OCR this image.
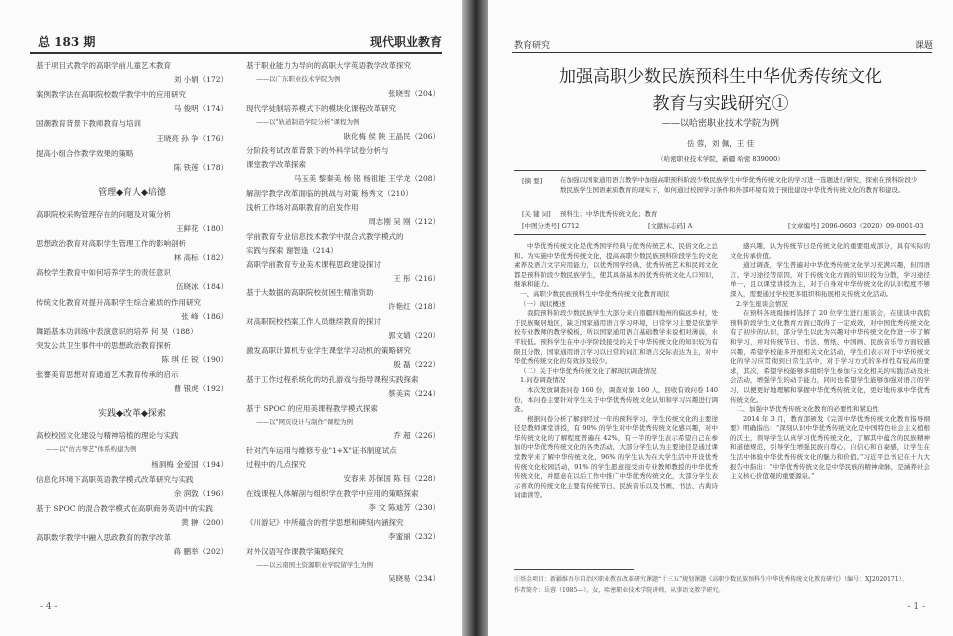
总 183 期	现代职业教育
基于项目式教学的高职学前儿童艺术教育
刘 小娟（172）
案例教学法在高职院校数学教学中的应用研究
马 俊明（174）
国潮教育背景下教师教育与培训
王晓亮 孙 争（176）
提高小组合作教学效果的策略
陈 铁莲（178）
管理◆育人◆培德
高职院校采购管理存在的问题及对策分析
王鲜花（180）
思想政治教育对高职学生管理工作的影响剖析
林 高标（182）
高校学生教育中如何培养学生的责任意识
伍晓冰（184）
传统文化教育对提升高职学生综合素质的作用研究
张 峰（186）
舞蹈基本功训练中表演意识的培养 何 昊（188）
突发公共卫生事件中的思想政治教育探析
陈 琪 任 锐（190）
张謇美育思想对育通道艺术教育传承的启示
曹 银虎（192）
实践◆改革◆探索
高校校园文化建设与精神培植的理论与实践
——以"仿古琴艺"体系构建为例
杨洞梅 金爱国（194）
信息化环境下高职英语教学模式改革研究与实践
余 润敦（196）
基于 SPOC 的混合教学模式在高职商务英语中的实践
黄 翀（200）
高职数学教学中融入思政教育的教学改革
蒋 鹏举（202）
基于职业能力为导向的高职大学英语教学改革探究
——以广东职业技术学院为例
张晓雪（204）
现代学徒制培养模式下的模块化课程改革研究
——以"轨道制造学院分析"课程为例
耿化梅 侯 陕 王晶民（206）
分阶段考试改革背景下的外科学试卷分析与
课堂教学改革探索
马玉美 黎秦美 杨 铭 杨祖能 王学龙（208）
解剖学教学改革面临的挑战与对策 杨秀文（210）
浅析工作场对高职教育的启发作用
周志刚 吴 刚（212）
学前教育专业信息技术教学中混合式教学模式的
实践与探索 谢智逢（214）
高职学前教育专业美术课程思政建设探讨
王 彤（216）
基于大数据的高职院校贫困生精准资助
许艳红（218）
对高职院校档案工作人员继续教育的探讨
郭文婧（220）
激发高职计算机专业学生课堂学习动机的策略研究
殷 磊（222）
基于工作过程系统化的坊孔游戏与指导课程实践探索
蔡美宾（224）
基于 SPOC 的应用美课程教学模式探索
——以"网页设计与制作"课程为例
乔 超（226）
针对汽车运用与维修专业"1+X"证书制度试点
过程中的几点探究
安春来 苏保国 陈 钰（228）
在线课程人体解剖与组织学在教学中应用的策略探索
李 文 陈迪芳（230）
《川游记》中所蕴含的哲学思想和碑刻内涵探究
李蜜丽（232）
对外汉语写作课教学策略探究
——以云南国土资源职业学院留学生为例
吴晓易（234）
- 4 -
教育研究	课题
加强高职少数民族预科生中华优秀传统文化
教育与实践研究①
——以哈密职业技术学院为例
岳 蓉，刘 佩，王 佳
（哈密职业技术学院，新疆 哈密 839000）
[摘 要]	在加强以国家通用语言教学中加强高职预科阶段少数民族学生中华优秀传统文化的学习进一选题进行研究，探索在预科阶段少数民族学生国语素质教育的现实下，如何通过校园学习条件和外部环境有效于预批建设中华优秀传统文化的教育和建设。
[关 键 词] 预科生；中华优秀传统文化；教育
[中图分类号] G712	[文献标志码] A	[文章编号] 2096-0603（2020）09-0001-03

中华优秀传统文化是优秀国学经典与优秀传统艺术、民俗文化之总和。为实施中华优秀传统文化，提高高职少数民族预科阶段学生的文化素养及语言文字应用能力，以优秀国学经典、优秀传统艺术和民间文化都是预科阶段少数民族学生，使其具备基本的优秀传统文化人口知识，继承和能力。

一、高职少数民族预科生中华优秀传统文化教育现状

（一）现状概述

我院预科阶段少数民族学生大部分来自南疆四地州的偏远乡村，处于民族聚居地区，缺乏国家通用语言学习环境，日常学习主要是依靠学校专业教师的教学模板，所以国家通用语言基础教学来说相对薄弱，水平较低。预科学生在中小学阶段接受的关于中华传统文化的知识较为有限且分散，国家通用语言学习以日常的词汇和语言交际表达为主，对中华优秀传统文化的有效涉及较少。

（二）关于中华优秀传统文化了解现状调查情况

1.问卷调查情况

本次发放调查问卷 160 份，调查对象 160 人，回收有效问卷 140 份，本问卷主要针对学生关于中华优秀传统文化认知和学习兴趣进行调查。

根据问卷分析了解到经过一年的预科学习，学生传统文化的主要途径是教师课堂讲授，有 90% 的学生对中华优秀传统文化感兴趣，对中华传统文化的了解程度普遍在 42%，有一半的学生表示希望自己在参加的中华优秀传统文化的各类活动，大部分学生认为主要途径是通过课堂教学来了解中华传统文化，96% 的学生认为在大学生活中开设优秀传统文化校园活动，91% 的学生愿意接受由专业教师教授的中华优秀传统文化，并愿意在以后工作中推广中华优秀传统文化，大部分学生表示喜欢的传统文化主要有传统节日、民族音乐以及书画、书法、古典诗词诵读等。

感兴趣，认为传统节日是传统文化的重要组成部分，具有实际的文化传承价值。

通过调查，学生普遍对中华优秀传统文化学习充满兴趣，但因语言、学习途径等原因，对于传统文化方面的知识较为分散，学习途径单一，且以课堂讲授为主，对于自身对中华传统文化的认识程度不够深入，需要通过学校更多组织和拓展相关传统文化活动。

2.学生座谈会情况

在预科各班级抽样选择了 20 位学生进行座谈会，在座谈中我院预科阶段学生文化教育方面已取得了一定成效，对中国优秀传统文化有了初步的认识，部分学生以此为兴趣对中华传统文化作进一步了解和学习，并对传统节日、书法、剪纸、中国画、民族音乐等方面较感兴趣，希望学校能多开展相关文化活动，学生们表示对于中华传统文化的学习应贯彻到日常生活中，对于学习方式的多样性有较高的要求，其次，希望学校能够多组织学生参加与文化相关的实践活动及社会活动，增强学生的动手能力，同时也希望学生能够加强对语言的学习，以便更好地理解和掌握中华优秀传统文化，更好地传承中华优秀传统文化。

二、加强中华优秀传统文化教育的必要性和紧迫性

2014 年 3 月，教育部颁发《完善中华优秀传统文化教育指导纲要》明确指出：“深刻认识中华优秀传统文化是中国特色社会主义植根的沃土，领导学生认真学习优秀传统文化，了解其中蕴含的民族精神和道德规范，引导学生增强民族自尊心、自信心和自豪感，让学生在生活中体验中华优秀传统文化的魅力和价值。”习近平总书记在十九大报告中指出：“中华优秀传统文化是中华民族的精神命脉，是涵养社会主义核心价值观的重要源泉。”

①基金项目：新疆维吾尔自治区职业教育改革研究课题“十三五”规划课题《高职少数民族预科生中华优秀传统文化教育研究》（编号：XJ2020171）。
作者简介：岳蓉（1985—），女，哈密职业技术学院讲师，从事语文教学研究。
- 1 -
